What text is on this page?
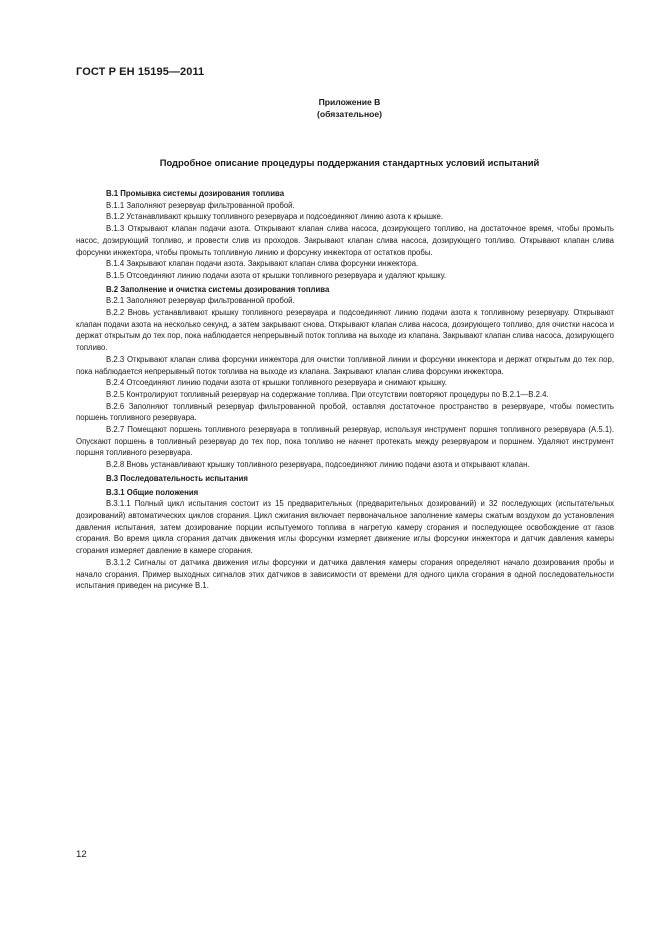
ГОСТ Р ЕН 15195—2011
Приложение В
(обязательное)
Подробное описание процедуры поддержания стандартных условий испытаний

В.1 Промывка системы дозирования топлива

В.1.1 Заполняют резервуар фильтрованной пробой.

В.1.2 Устанавливают крышку топливного резервуара и подсоединяют линию азота к крышке.

В.1.3 Открывают клапан подачи азота. Открывают клапан слива насоса, дозирующего топливо, на достаточное время, чтобы промыть насос, дозирующий топливо, и провести слив из проходов. Закрывают клапан слива насоса, дозирующего топливо. Открывают клапан слива форсунки инжектора, чтобы промыть топливную линию и форсунку инжектора от остатков пробы.

В.1.4 Закрывают клапан подачи азота. Закрывают клапан слива форсунки инжектора.

В.1.5 Отсоединяют линию подачи азота от крышки топливного резервуара и удаляют крышку.

В.2 Заполнение и очистка системы дозирования топлива

В.2.1 Заполняют резервуар фильтрованной пробой.

В.2.2 Вновь устанавливают крышку топливного резервуара и подсоединяют линию подачи азота к топливному резервуару. Открывают клапан подачи азота на несколько секунд, а затем закрывают снова. Открывают клапан слива насоса, дозирующего топливо, для очистки насоса и держат открытым до тех пор, пока наблюдается непрерывный поток топлива на выходе из клапана. Закрывают клапан слива насоса, дозирующего топливо.

В.2.3 Открывают клапан слива форсунки инжектора для очистки топливной линии и форсунки инжектора и держат открытым до тех пор, пока наблюдается непрерывный поток топлива на выходе из клапана. Закрывают клапан слива форсунки инжектора.

В.2.4 Отсоединяют линию подачи азота от крышки топливного резервуара и снимают крышку.

В.2.5 Контролируют топливный резервуар на содержание топлива. При отсутствии повторяют процедуры по В.2.1—В.2.4.

В.2.6 Заполняют топливный резервуар фильтрованной пробой, оставляя достаточное пространство в резервуаре, чтобы поместить поршень топливного резервуара.

В.2.7 Помещают поршень топливного резервуара в топливный резервуар, используя инструмент поршня топливного резервуара (А.5.1). Опускают поршень в топливный резервуар до тех пор, пока топливо не начнет протекать между резервуаром и поршнем. Удаляют инструмент поршня топливного резервуара.

В.2.8 Вновь устанавливают крышку топливного резервуара, подсоединяют линию подачи азота и открывают клапан.

В.3 Последовательность испытания

В.3.1 Общие положения

В.3.1.1 Полный цикл испытания состоит из 15 предварительных (предварительных дозирований) и 32 последующих (испытательных дозирований) автоматических циклов сгорания. Цикл сжигания включает первоначальное заполнение камеры сжатым воздухом до установления давления испытания, затем дозирование порции испытуемого топлива в нагретую камеру сгорания и последующее освобождение от газов сгорания. Во время цикла сгорания датчик движения иглы форсунки измеряет движение иглы форсунки инжектора и датчик давления камеры сгорания измеряет давление в камере сгорания.

В.3.1.2 Сигналы от датчика движения иглы форсунки и датчика давления камеры сгорания определяют начало дозирования пробы и начало сгорания. Пример выходных сигналов этих датчиков в зависимости от времени для одного цикла сгорания в одной последовательности испытания приведен на рисунке В.1.

12
